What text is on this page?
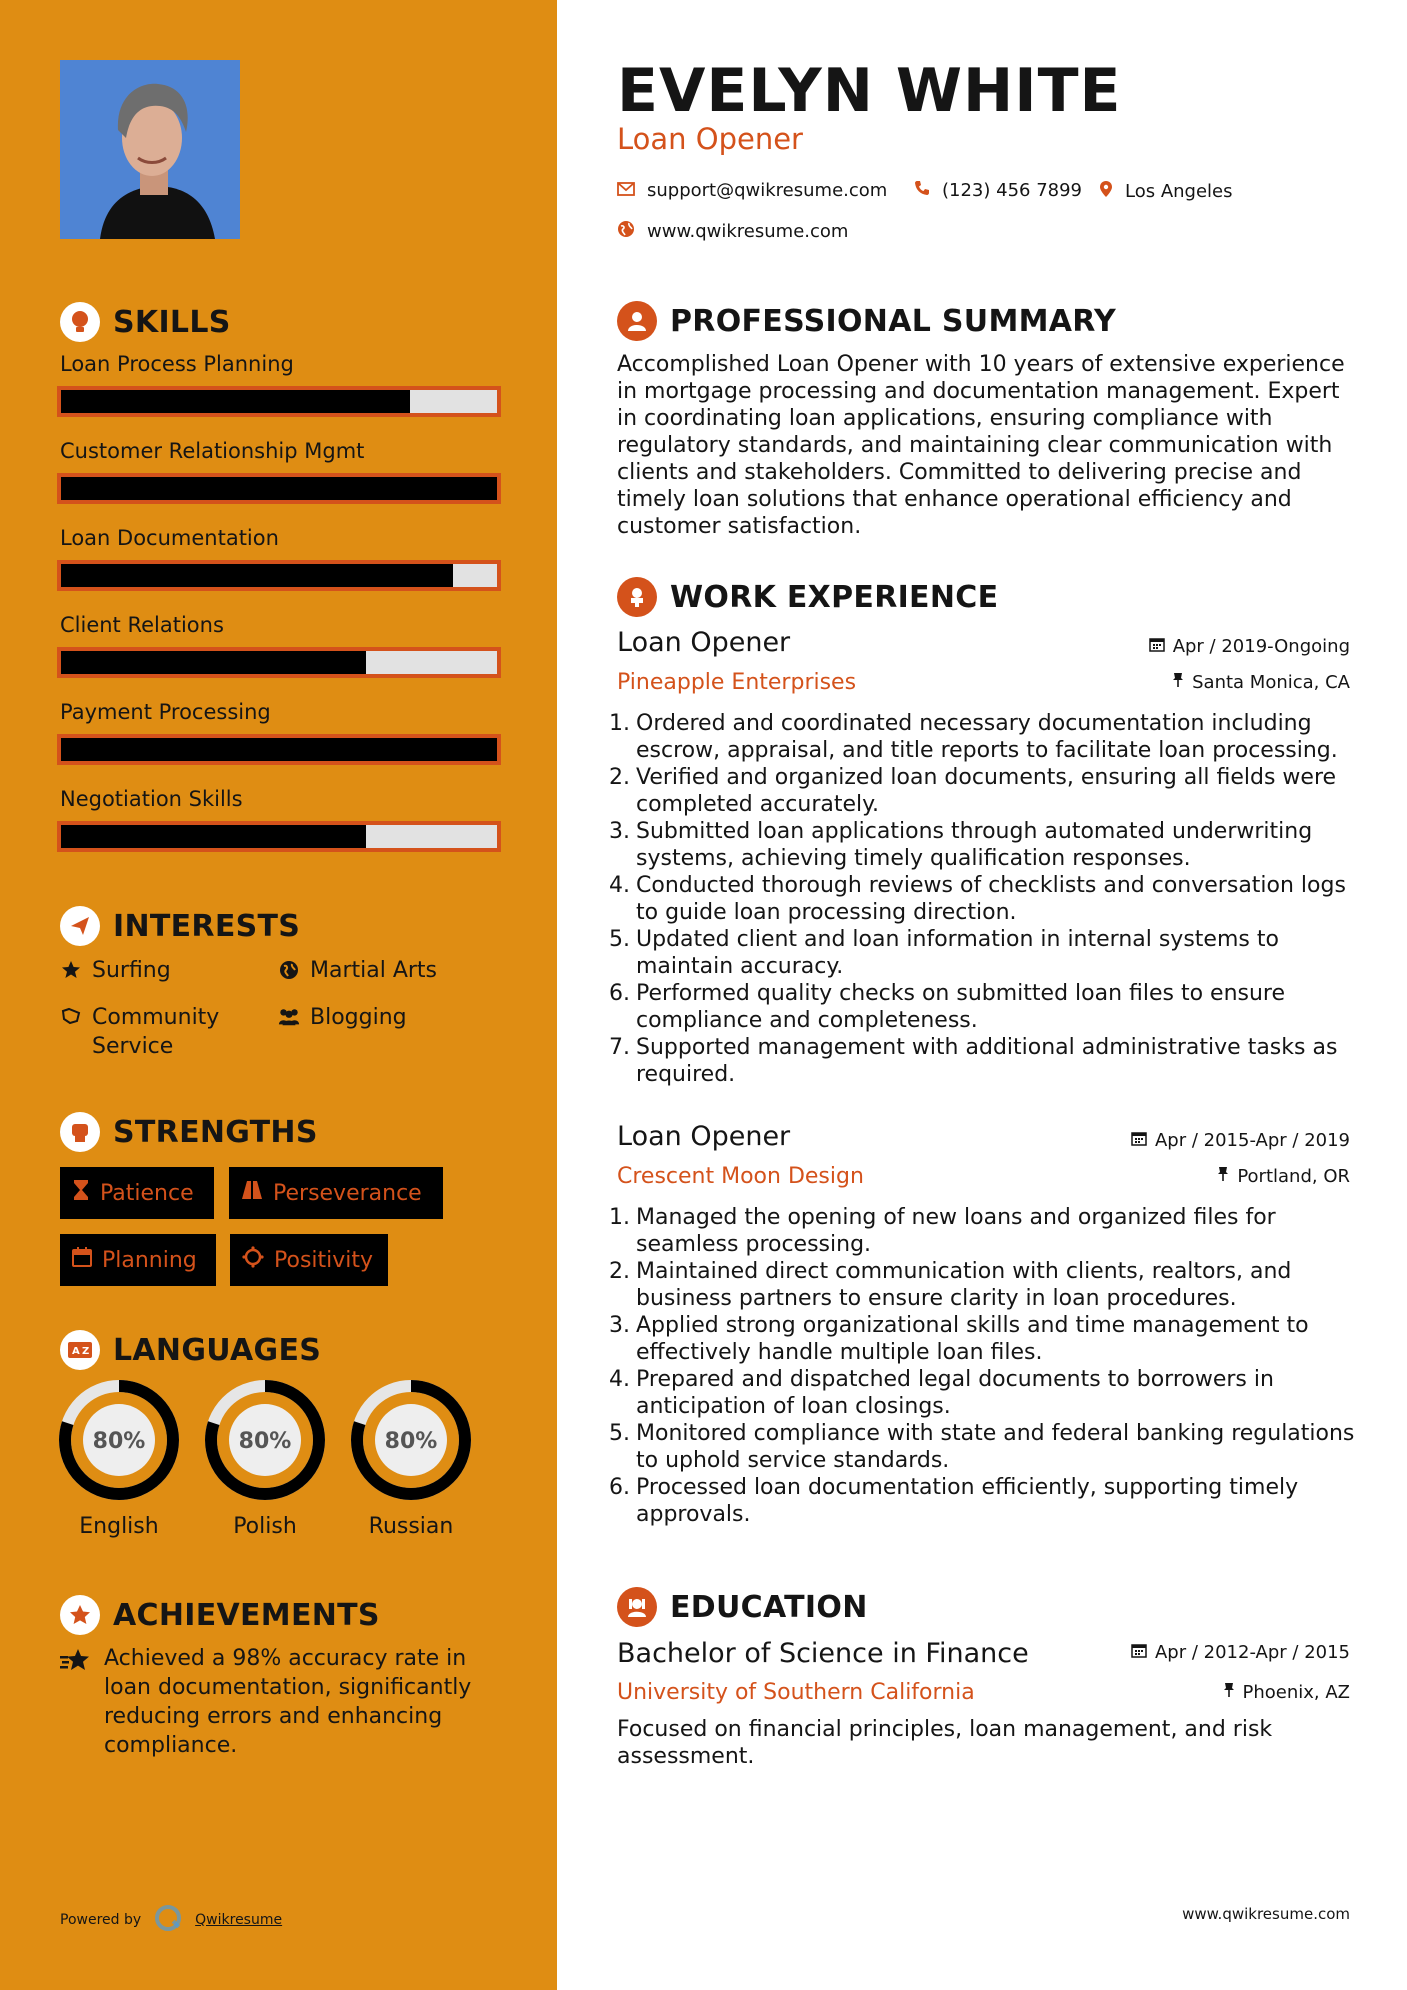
SKILLS
Loan Process Planning
Customer Relationship Mgmt
Loan Documentation
Client Relations
Payment Processing
Negotiation Skills
INTERESTS
Surfing	Martial Arts
Community Service
Blogging
STRENGTHS
Patience	Perseverance
Planning	Positivity
A Z LANGUAGES
80%
English
80%
Polish
80%
Russian
ACHIEVEMENTS
Achieved a 98% accuracy rate in loan documentation, significantly reducing errors and enhancing compliance.
Powered by	Qwikresume
EVELYN WHITE
Loan Opener
support@qwikresume.com	(123) 456 7899 Los Angeles
www.qwikresume.com
PROFESSIONAL SUMMARY
Accomplished Loan Opener with 10 years of extensive experience in mortgage processing and documentation management. Expert in coordinating loan applications, ensuring compliance with regulatory standards, and maintaining clear communication with clients and stakeholders. Committed to delivering precise and timely loan solutions that enhance operational efficiency and customer satisfaction.
WORK EXPERIENCE
Loan Opener	Apr / 2019-Ongoing
Pineapple Enterprises	Santa Monica, CA
Ordered and coordinated necessary documentation including escrow, appraisal, and title reports to facilitate loan processing.
Verified and organized loan documents, ensuring all fields were completed accurately.
Submitted loan applications through automated underwriting systems, achieving timely qualification responses.
Conducted thorough reviews of checklists and conversation logs to guide loan processing direction.
Updated client and loan information in internal systems to maintain accuracy.
Performed quality checks on submitted loan files to ensure compliance and completeness.
Supported management with additional administrative tasks as required.
Loan Opener	Apr / 2015-Apr / 2019
Crescent Moon Design	Portland, OR
Managed the opening of new loans and organized files for seamless processing.
Maintained direct communication with clients, realtors, and business partners to ensure clarity in loan procedures.
Applied strong organizational skills and time management to effectively handle multiple loan files.
Prepared and dispatched legal documents to borrowers in anticipation of loan closings.
Monitored compliance with state and federal banking regulations to uphold service standards.
Processed loan documentation efficiently, supporting timely approvals.
EDUCATION
Bachelor of Science in Finance	Apr / 2012-Apr / 2015
University of Southern California	Phoenix, AZ
Focused on financial principles, loan management, and risk assessment.
www.qwikresume.com
